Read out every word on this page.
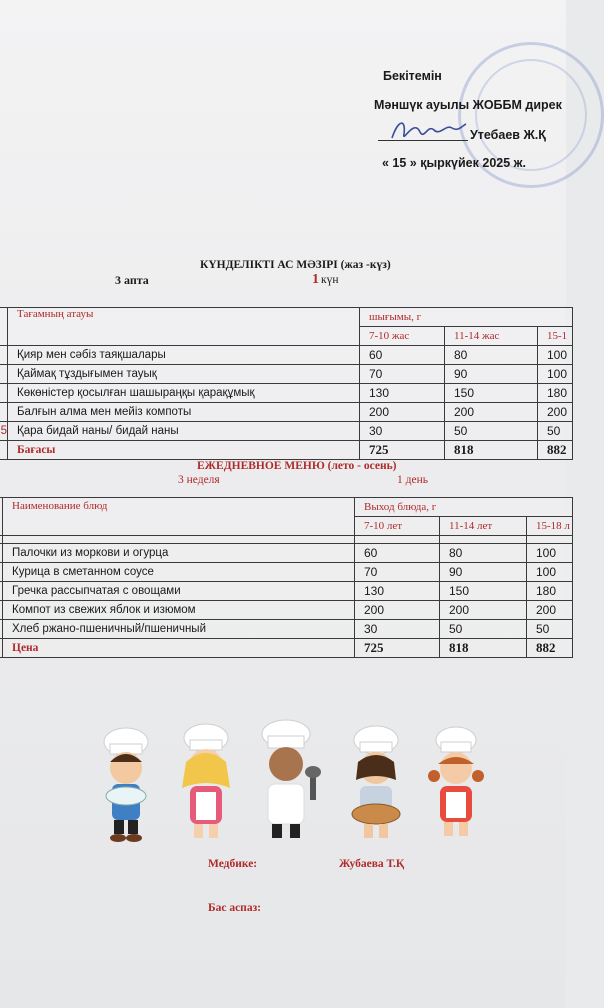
Бекітемін
Мәншүк ауылы ЖОББМ дирек
Утебаев Ж.Қ
« 15 » қыркүйек 2025 ж.
КҮНДЕЛІКТІ АС МӘЗІРІ (жаз -күз)
3 апта	1 күн
	Тағамның атауы	шығымы, г		
		7-10 жас	11-14 жас	15-1
	Қияр мен сәбіз таяқшалары	60	80	100
	Қаймақ тұздығымен тауық	70	90	100
	Көкөністер қосылған шашыраңқы қарақұмық	130	150	180
	Балғын алма мен мейіз компоты	200	200	200
5	Қара бидай наны/ бидай наны	30	50	50
	Бағасы	725	818	882
ЕЖЕДНЕВНОЕ МЕНЮ (лето - осень)
3 неделя	1 день
	Наименование блюд	Выход блюда, г		
		7-10 лет	11-14 лет	15-18 л

	Палочки из моркови и огурца	60	80	100
	Курица в сметанном соусе	70	90	100
	Гречка рассыпчатая с овощами	130	150	180
	Компот из свежих яблок и изюмом	200	200	200
	Хлеб ржано-пшеничный/пшеничный	30	50	50
	Цена	725	818	882
Медбике:	Жубаева Т.Қ
Бас аспаз:
